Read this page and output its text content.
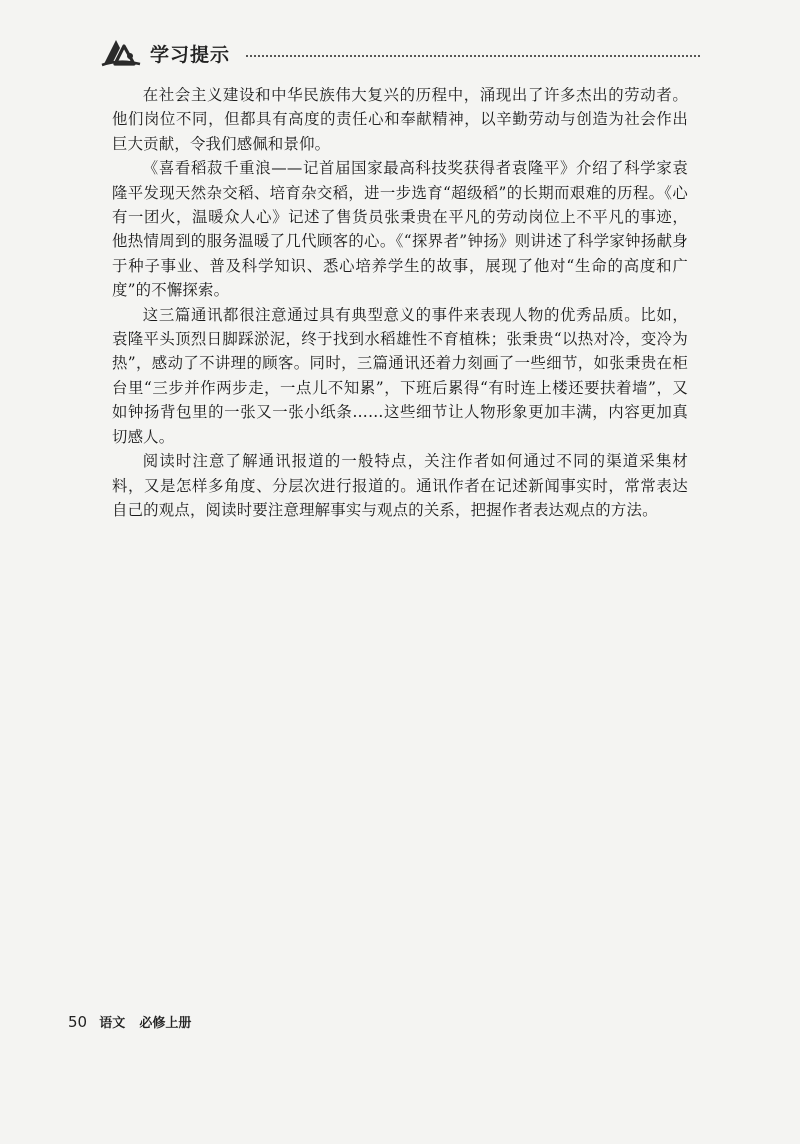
学习提示

在社会主义建设和中华民族伟大复兴的历程中，涌现出了许多杰出的劳动者。他们岗位不同，但都具有高度的责任心和奉献精神，以辛勤劳动与创造为社会作出巨大贡献，令我们感佩和景仰。

《喜看稻菽千重浪——记首届国家最高科技奖获得者袁隆平》介绍了科学家袁隆平发现天然杂交稻、培育杂交稻，进一步选育“超级稻”的长期而艰难的历程。《心有一团火，温暖众人心》记述了售货员张秉贵在平凡的劳动岗位上不平凡的事迹，他热情周到的服务温暖了几代顾客的心。《“探界者”钟扬》则讲述了科学家钟扬献身于种子事业、普及科学知识、悉心培养学生的故事，展现了他对“生命的高度和广度”的不懈探索。

这三篇通讯都很注意通过具有典型意义的事件来表现人物的优秀品质。比如，袁隆平头顶烈日脚踩淤泥，终于找到水稻雄性不育植株；张秉贵“以热对冷，变冷为热”，感动了不讲理的顾客。同时，三篇通讯还着力刻画了一些细节，如张秉贵在柜台里“三步并作两步走，一点儿不知累”，下班后累得“有时连上楼还要扶着墙”，又如钟扬背包里的一张又一张小纸条……这些细节让人物形象更加丰满，内容更加真切感人。

阅读时注意了解通讯报道的一般特点，关注作者如何通过不同的渠道采集材料，又是怎样多角度、分层次进行报道的。通讯作者在记述新闻事实时，常常表达自己的观点，阅读时要注意理解事实与观点的关系，把握作者表达观点的方法。

50 语文 必修上册
